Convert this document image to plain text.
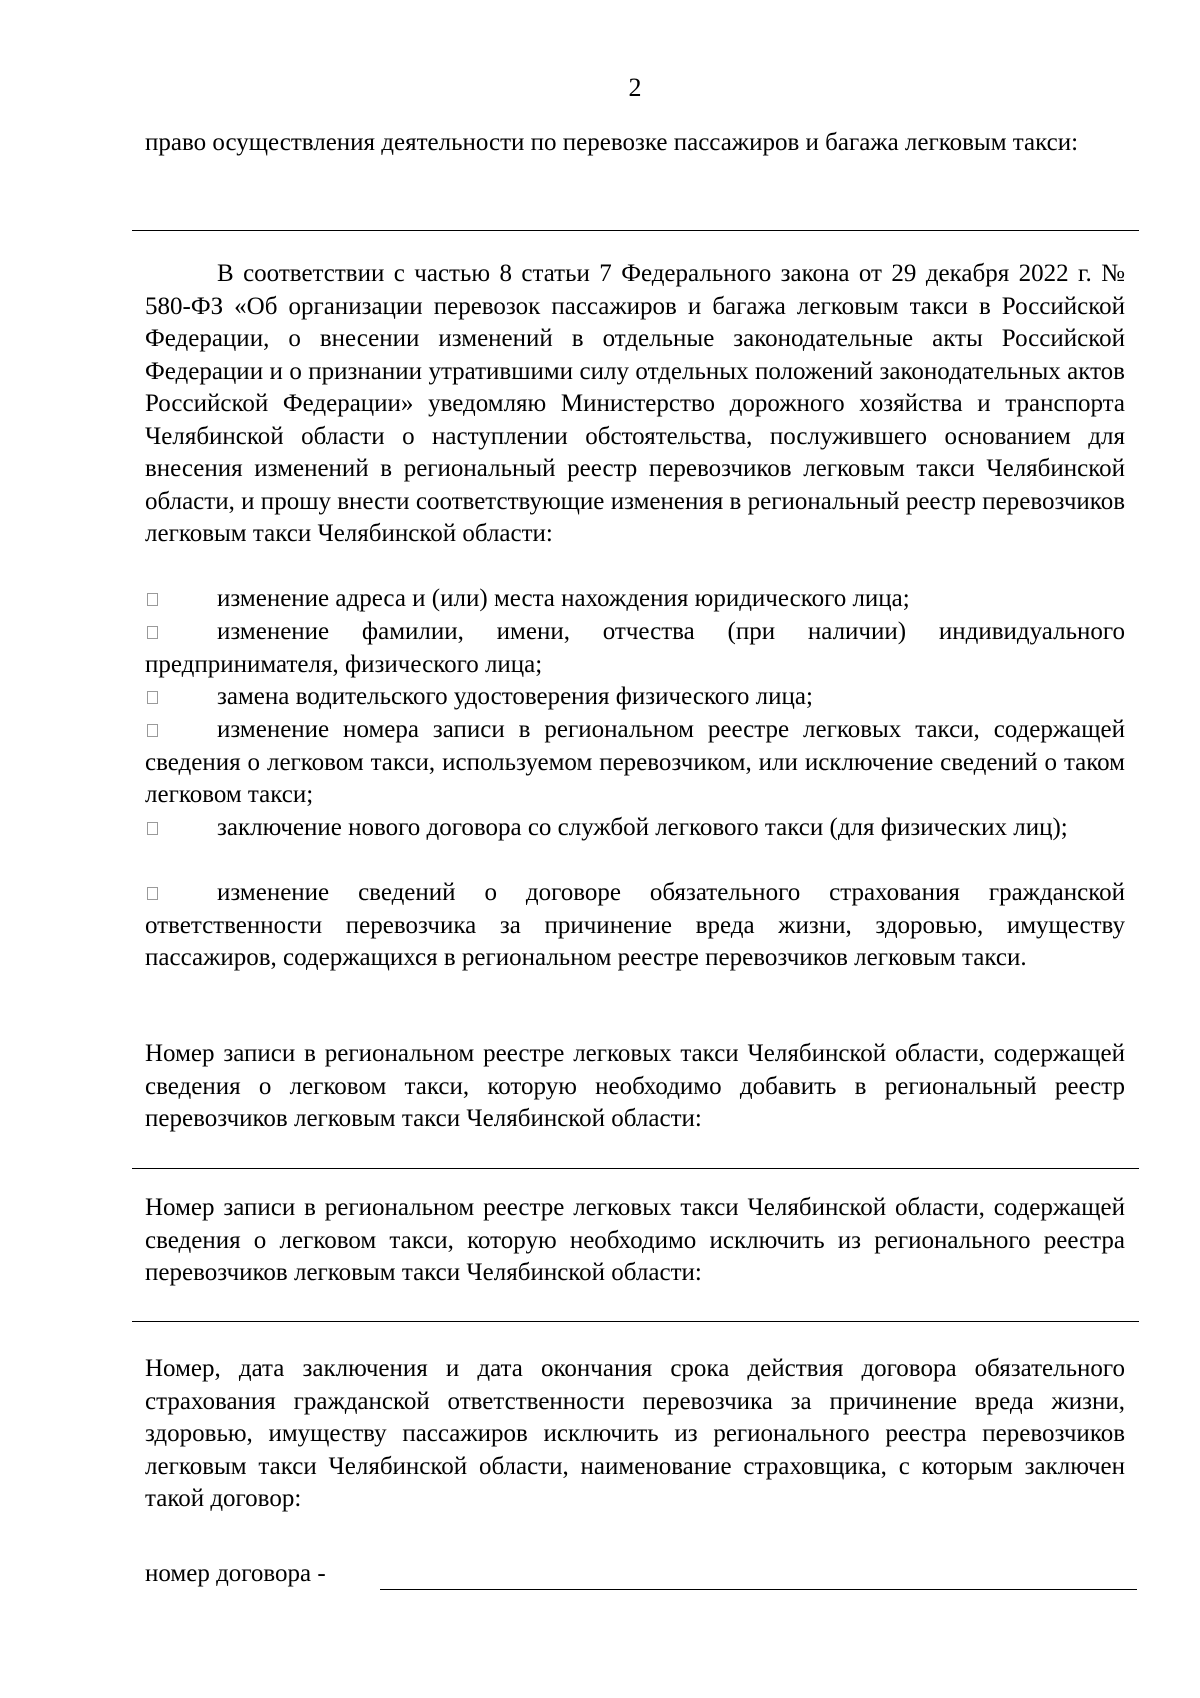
2

право осуществления деятельности по перевозке пассажиров и багажа легковым такси:

В соответствии с частью 8 статьи 7 Федерального закона от 29 декабря 2022 г. № 580-ФЗ «Об организации перевозок пассажиров и багажа легковым такси в Российской Федерации, о внесении изменений в отдельные законодательные акты Российской Федерации и о признании утратившими силу отдельных положений законодательных актов Российской Федерации» уведомляю Министерство дорожного хозяйства и транспорта Челябинской области о наступлении обстоятельства, послужившего основанием для внесения изменений в региональный реестр перевозчиков легковым такси Челябинской области, и прошу внести соответствующие изменения в региональный реестр перевозчиков легковым такси Челябинской области:

изменение адреса и (или) места нахождения юридического лица;
изменение фамилии, имени, отчества (при наличии) индивидуального предпринимателя, физического лица;
замена водительского удостоверения физического лица;
изменение номера записи в региональном реестре легковых такси, содержащей сведения о легковом такси, используемом перевозчиком, или исключение сведений о таком легковом такси;
заключение нового договора со службой легкового такси (для физических лиц);
изменение сведений о договоре обязательного страхования гражданской ответственности перевозчика за причинение вреда жизни, здоровью, имуществу пассажиров, содержащихся в региональном реестре перевозчиков легковым такси.

Номер записи в региональном реестре легковых такси Челябинской области, содержащей сведения о легковом такси, которую необходимо добавить в региональный реестр перевозчиков легковым такси Челябинской области:

Номер записи в региональном реестре легковых такси Челябинской области, содержащей сведения о легковом такси, которую необходимо исключить из регионального реестра перевозчиков легковым такси Челябинской области:

Номер, дата заключения и дата окончания срока действия договора обязательного страхования гражданской ответственности перевозчика за причинение вреда жизни, здоровью, имуществу пассажиров исключить из регионального реестра перевозчиков легковым такси Челябинской области, наименование страховщика, с которым заключен такой договор:

номер договора -
